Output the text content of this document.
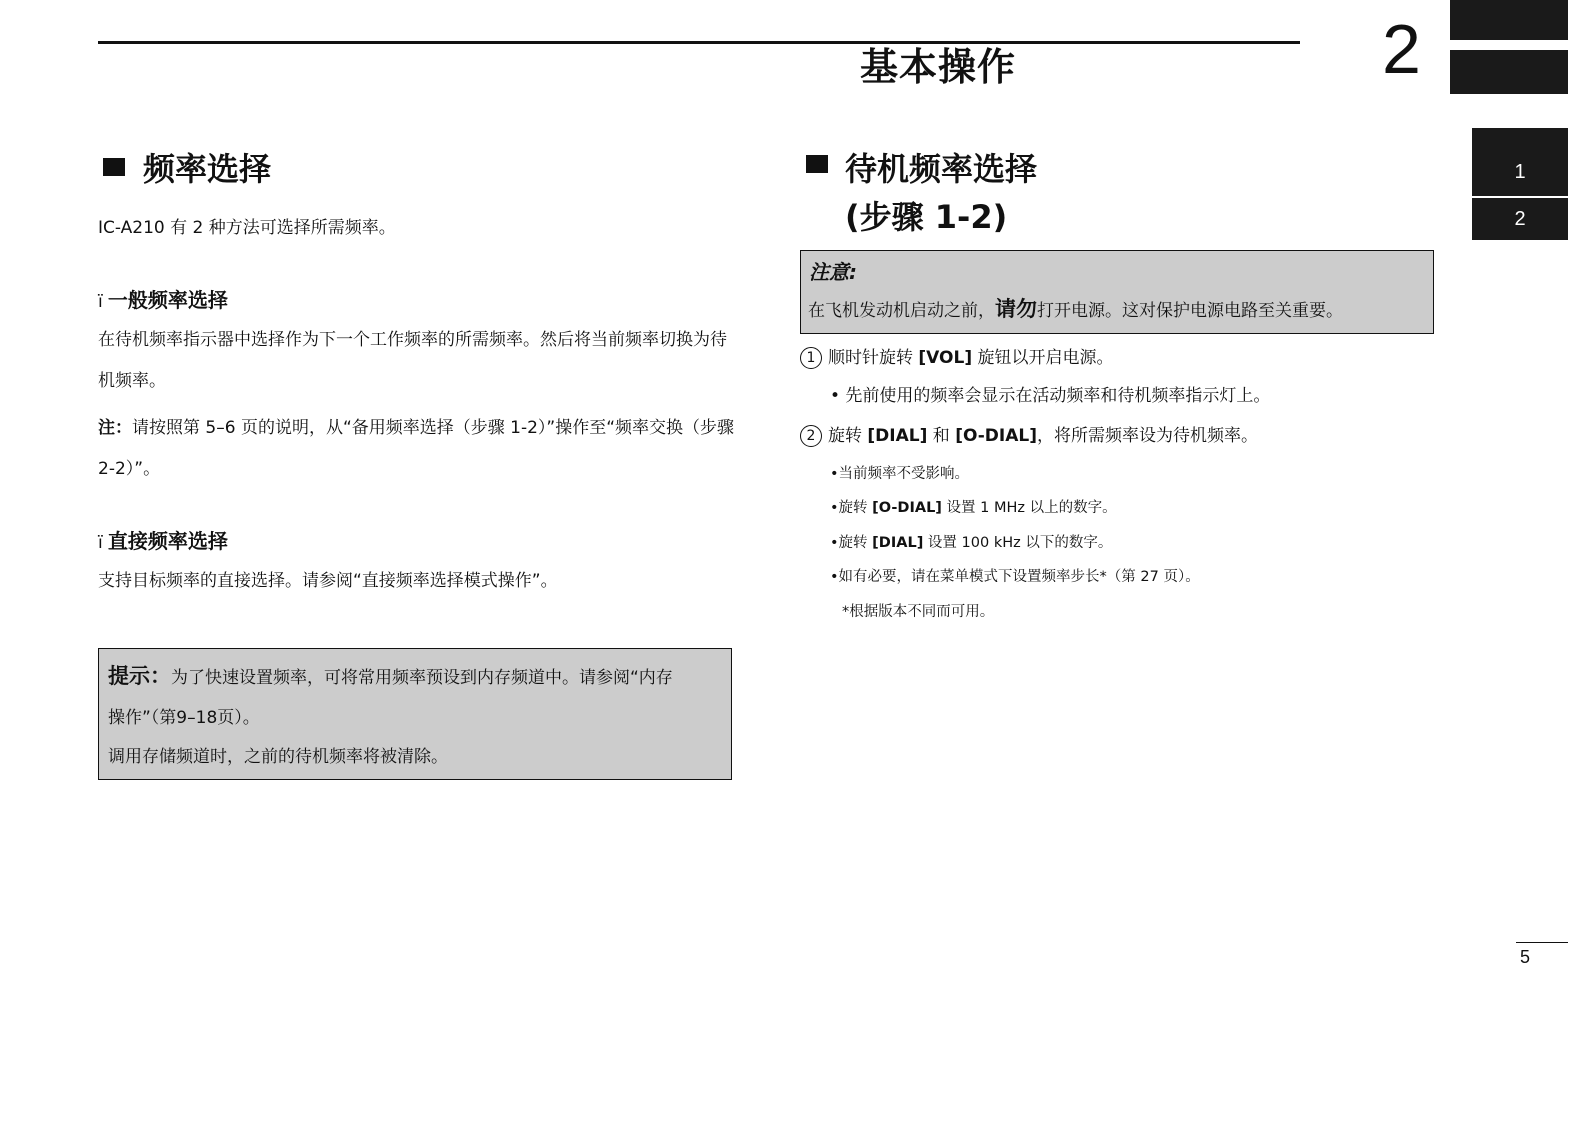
基本操作	2
1
2
频率选择
IC-A210 有 2 种方法可选择所需频率。
ï 一般频率选择
在待机频率指示器中选择作为下一个工作频率的所需频率。然后将当前频率切换为待机频率。
注：请按照第 5–6 页的说明，从“备用频率选择（步骤 1-2）”操作至“频率交换（步骤 2-2）”。
ï 直接频率选择
支持目标频率的直接选择。请参阅“直接频率选择模式操作”。
提示：为了快速设置频率，可将常用频率预设到内存频道中。请参阅“内存
操作”（第9–18页）。
调用存储频道时，之前的待机频率将被清除。
待机频率选择
(步骤 1-2)
注意:
在飞机发动机启动之前，请勿打开电源。这对保护电源电路至关重要。
1 顺时针旋转 [VOL] 旋钮以开启电源。
• 先前使用的频率会显示在活动频率和待机频率指示灯上。
2 旋转 [DIAL] 和 [O-DIAL]，将所需频率设为待机频率。
•当前频率不受影响。
•旋转 [O-DIAL] 设置 1 MHz 以上的数字。
•旋转 [DIAL] 设置 100 kHz 以下的数字。
•如有必要，请在菜单模式下设置频率步长*（第 27 页）。
*根据版本不同而可用。
5
